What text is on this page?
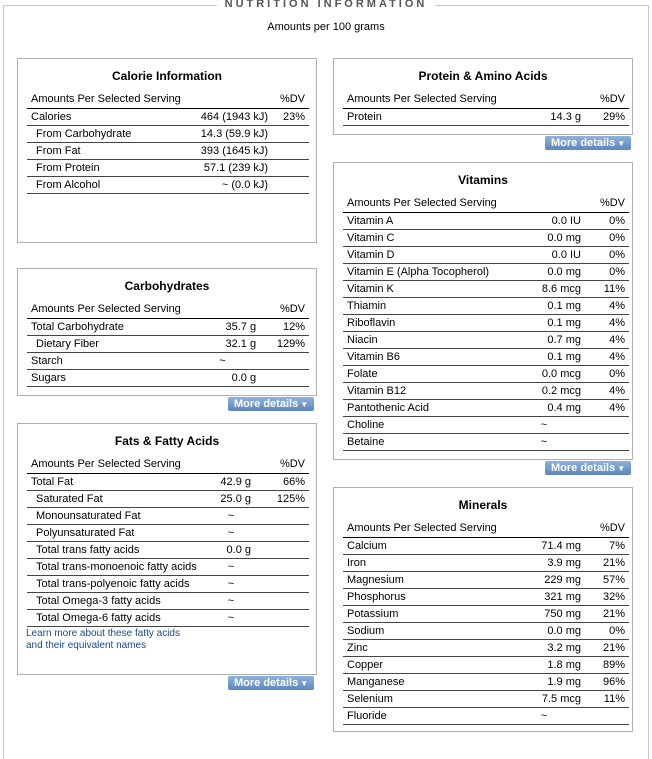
NUTRITION INFORMATION
Amounts per 100 grams
Calorie Information
Amounts Per Selected Serving		%DV
Calories	464 (1943 kJ)	23%
From Carbohydrate	14.3 (59.9 kJ)	
From Fat	393 (1645 kJ)	
From Protein	57.1 (239 kJ)	
From Alcohol	~ (0.0 kJ)	
Carbohydrates
Amounts Per Selected Serving		%DV
Total Carbohydrate	35.7 g	12%
Dietary Fiber	32.1 g	129%
Starch	~	
Sugars	0.0 g	
More details ▼
Fats & Fatty Acids
Amounts Per Selected Serving		%DV
Total Fat	42.9 g	66%
Saturated Fat	25.0 g	125%
Monounsaturated Fat	~	
Polyunsaturated Fat	~	
Total trans fatty acids	0.0 g	
Total trans-monoenoic fatty acids	~	
Total trans-polyenoic fatty acids	~	
Total Omega-3 fatty acids	~	
Total Omega-6 fatty acids	~	
Learn more about these fatty acids
and their equivalent names
More details ▼
Protein & Amino Acids
Amounts Per Selected Serving		%DV
Protein	14.3 g	29%
More details ▼
Vitamins
Amounts Per Selected Serving		%DV
Vitamin A	0.0 IU	0%
Vitamin C	0.0 mg	0%
Vitamin D	0.0 IU	0%
Vitamin E (Alpha Tocopherol)	0.0 mg	0%
Vitamin K	8.6 mcg	11%
Thiamin	0.1 mg	4%
Riboflavin	0.1 mg	4%
Niacin	0.7 mg	4%
Vitamin B6	0.1 mg	4%
Folate	0.0 mcg	0%
Vitamin B12	0.2 mcg	4%
Pantothenic Acid	0.4 mg	4%
Choline	~	
Betaine	~	
More details ▼
Minerals
Amounts Per Selected Serving		%DV
Calcium	71.4 mg	7%
Iron	3.9 mg	21%
Magnesium	229 mg	57%
Phosphorus	321 mg	32%
Potassium	750 mg	21%
Sodium	0.0 mg	0%
Zinc	3.2 mg	21%
Copper	1.8 mg	89%
Manganese	1.9 mg	96%
Selenium	7.5 mcg	11%
Fluoride	~	
